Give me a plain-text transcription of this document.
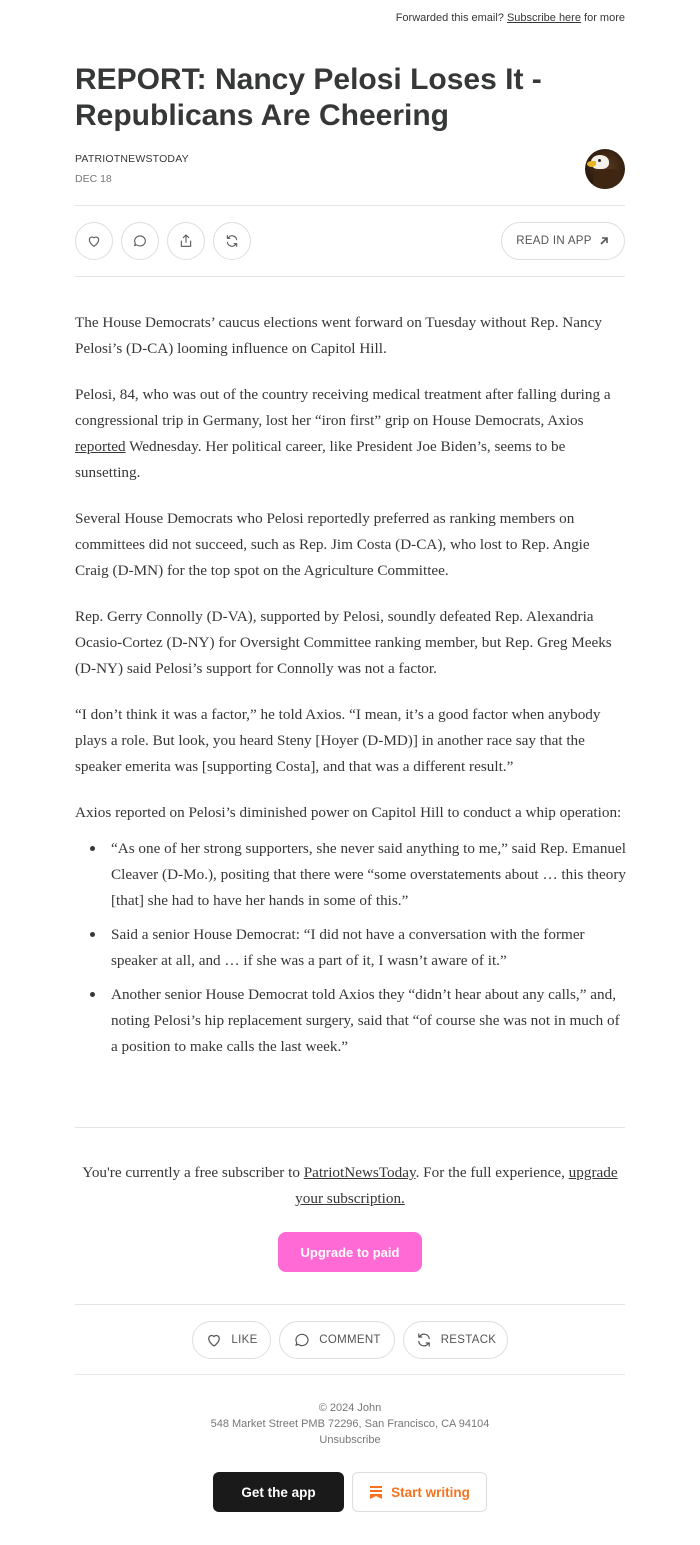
Forwarded this email? Subscribe here for more
REPORT: Nancy Pelosi Loses It - Republicans Are Cheering
PATRIOTNEWSTODAY
DEC 18
READ IN APP

The House Democrats’ caucus elections went forward on Tuesday without Rep. Nancy Pelosi’s (D-CA) looming influence on Capitol Hill.

Pelosi, 84, who was out of the country receiving medical treatment after falling during a congressional trip in Germany, lost her “iron first” grip on House Democrats, Axios reported Wednesday. Her political career, like President Joe Biden’s, seems to be sunsetting.

Several House Democrats who Pelosi reportedly preferred as ranking members on committees did not succeed, such as Rep. Jim Costa (D-CA), who lost to Rep. Angie Craig (D-MN) for the top spot on the Agriculture Committee.

Rep. Gerry Connolly (D-VA), supported by Pelosi, soundly defeated Rep. Alexandria Ocasio-Cortez (D-NY) for Oversight Committee ranking member, but Rep. Greg Meeks (D-NY) said Pelosi’s support for Connolly was not a factor.

“I don’t think it was a factor,” he told Axios. “I mean, it’s a good factor when anybody plays a role. But look, you heard Steny [Hoyer (D-MD)] in another race say that the speaker emerita was [supporting Costa], and that was a different result.”

Axios reported on Pelosi’s diminished power on Capitol Hill to conduct a whip operation:

“As one of her strong supporters, she never said anything to me,” said Rep. Emanuel Cleaver (D-Mo.), positing that there were “some overstatements about … this theory [that] she had to have her hands in some of this.”
Said a senior House Democrat: “I did not have a conversation with the former speaker at all, and … if she was a part of it, I wasn’t aware of it.”
Another senior House Democrat told Axios they “didn’t hear about any calls,” and, noting Pelosi’s hip replacement surgery, said that “of course she was not in much of a position to make calls the last week.”
You're currently a free subscriber to PatriotNewsToday. For the full experience, upgrade your subscription.
Upgrade to paid
LIKE	COMMENT	RESTACK
© 2024 John
548 Market Street PMB 72296, San Francisco, CA 94104
Unsubscribe
Get the app	Start writing
